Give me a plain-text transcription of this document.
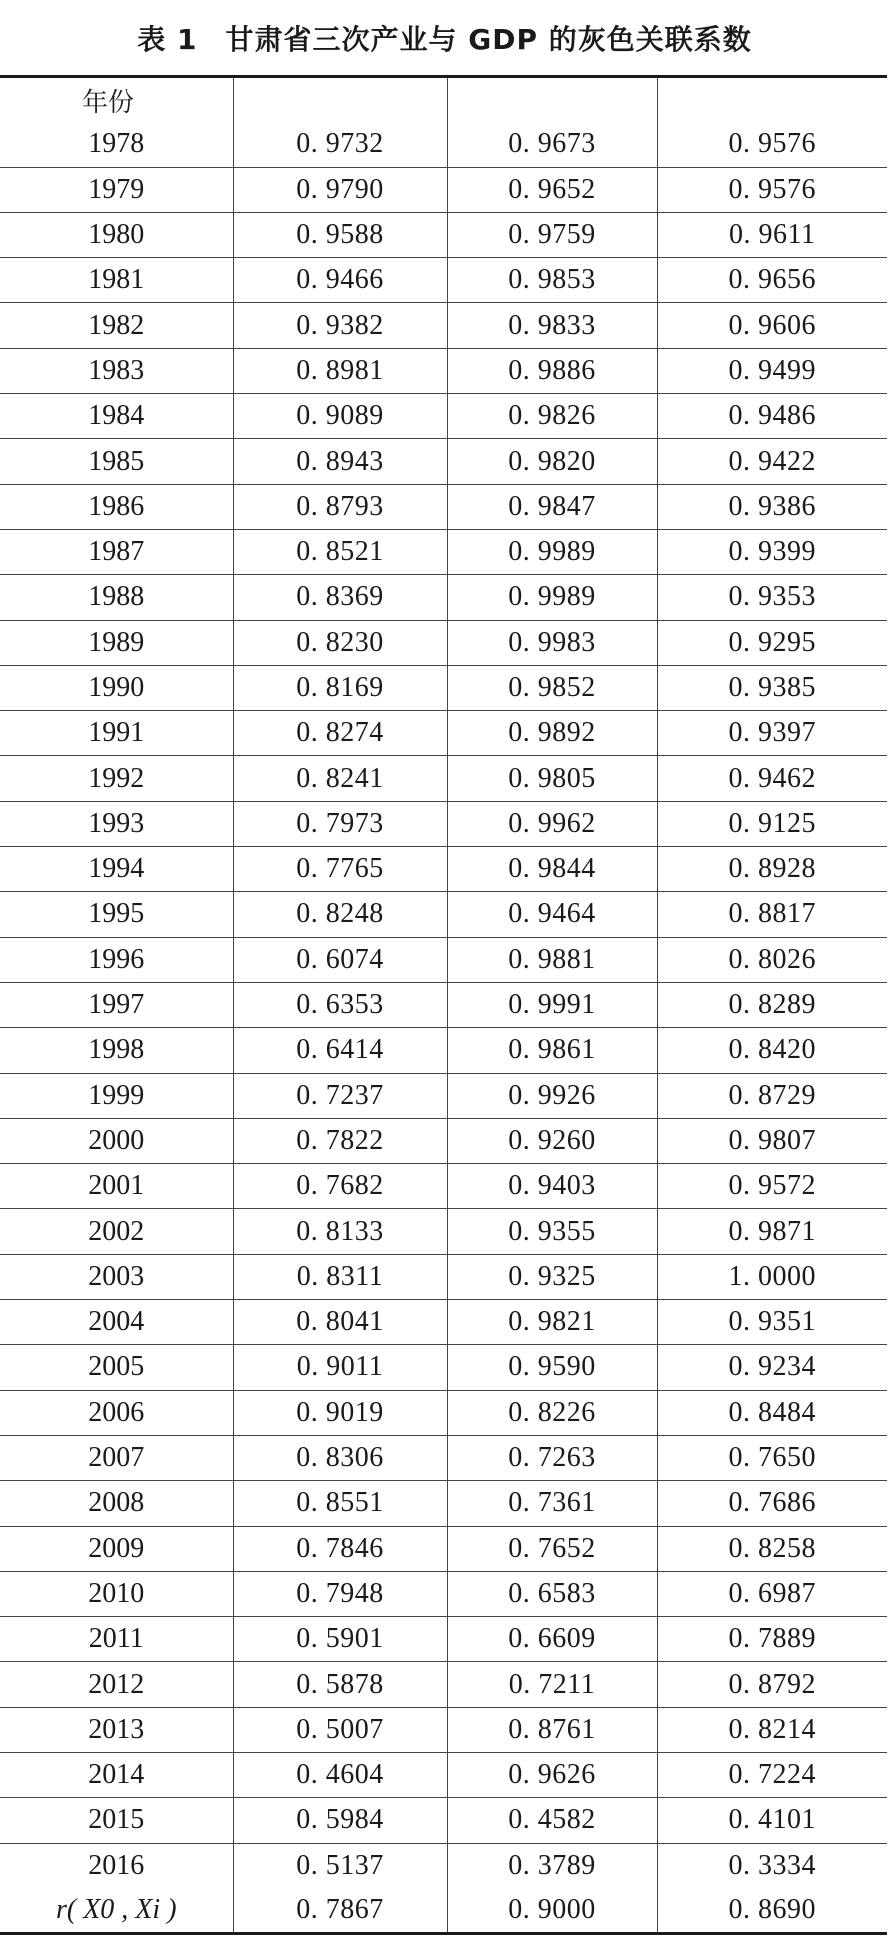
表 1 甘肃省三次产业与 GDP 的灰色关联系数
年份			
1978	0. 9732	0. 9673	0. 9576
1979	0. 9790	0. 9652	0. 9576
1980	0. 9588	0. 9759	0. 9611
1981	0. 9466	0. 9853	0. 9656
1982	0. 9382	0. 9833	0. 9606
1983	0. 8981	0. 9886	0. 9499
1984	0. 9089	0. 9826	0. 9486
1985	0. 8943	0. 9820	0. 9422
1986	0. 8793	0. 9847	0. 9386
1987	0. 8521	0. 9989	0. 9399
1988	0. 8369	0. 9989	0. 9353
1989	0. 8230	0. 9983	0. 9295
1990	0. 8169	0. 9852	0. 9385
1991	0. 8274	0. 9892	0. 9397
1992	0. 8241	0. 9805	0. 9462
1993	0. 7973	0. 9962	0. 9125
1994	0. 7765	0. 9844	0. 8928
1995	0. 8248	0. 9464	0. 8817
1996	0. 6074	0. 9881	0. 8026
1997	0. 6353	0. 9991	0. 8289
1998	0. 6414	0. 9861	0. 8420
1999	0. 7237	0. 9926	0. 8729
2000	0. 7822	0. 9260	0. 9807
2001	0. 7682	0. 9403	0. 9572
2002	0. 8133	0. 9355	0. 9871
2003	0. 8311	0. 9325	1. 0000
2004	0. 8041	0. 9821	0. 9351
2005	0. 9011	0. 9590	0. 9234
2006	0. 9019	0. 8226	0. 8484
2007	0. 8306	0. 7263	0. 7650
2008	0. 8551	0. 7361	0. 7686
2009	0. 7846	0. 7652	0. 8258
2010	0. 7948	0. 6583	0. 6987
2011	0. 5901	0. 6609	0. 7889
2012	0. 5878	0. 7211	0. 8792
2013	0. 5007	0. 8761	0. 8214
2014	0. 4604	0. 9626	0. 7224
2015	0. 5984	0. 4582	0. 4101
2016	0. 5137	0. 3789	0. 3334
r( X0 , Xi )	0. 7867	0. 9000	0. 8690
